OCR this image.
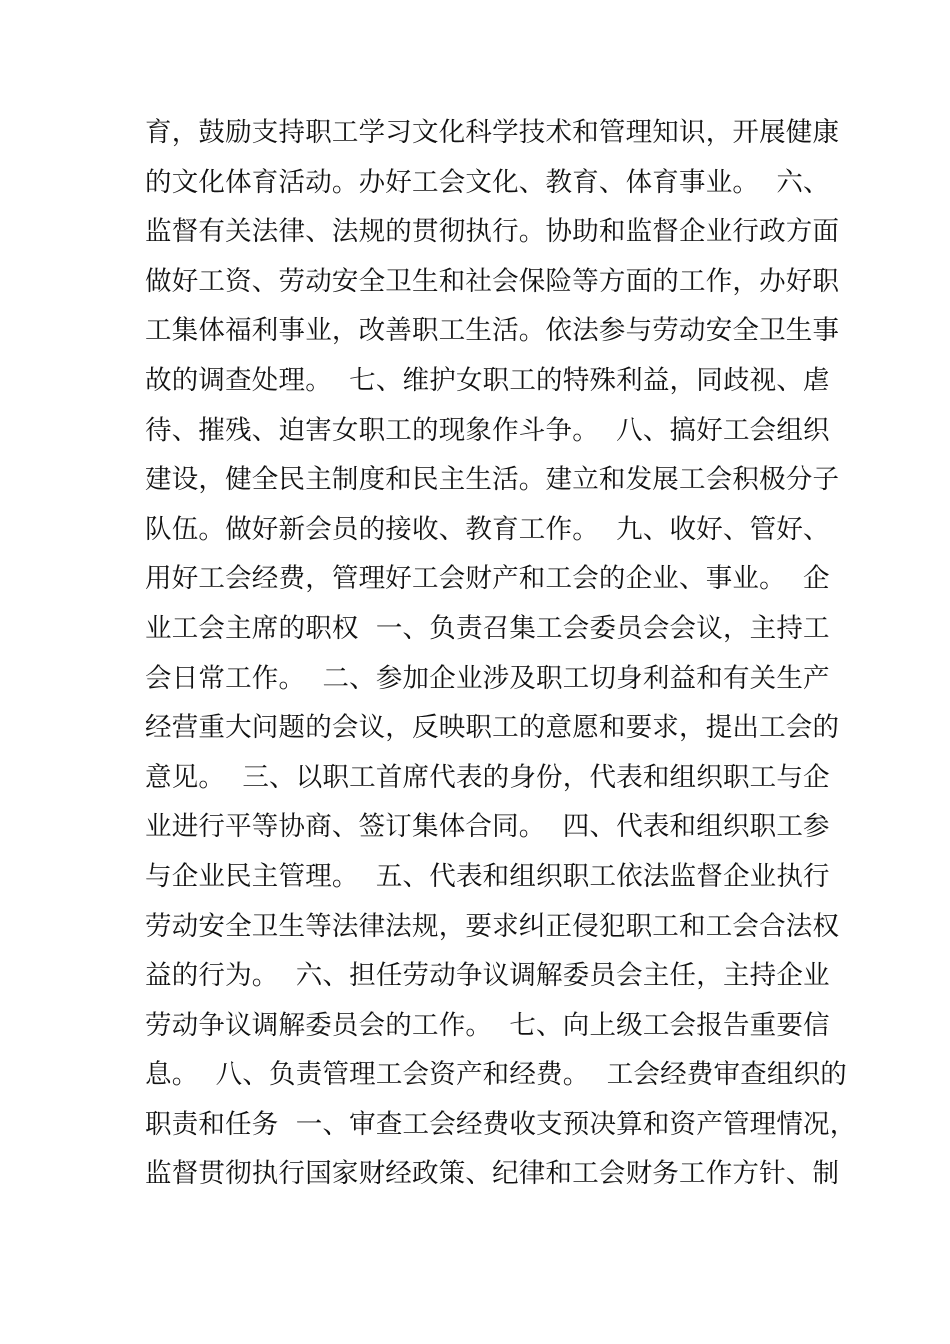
育，鼓励支持职工学习文化科学技术和管理知识，开展健康
的文化体育活动。办好工会文化、教育、体育事业。  六、
监督有关法律、法规的贯彻执行。协助和监督企业行政方面
做好工资、劳动安全卫生和社会保险等方面的工作，办好职
工集体福利事业，改善职工生活。依法参与劳动安全卫生事
故的调查处理。  七、维护女职工的特殊利益，同歧视、虐
待、摧残、迫害女职工的现象作斗争。  八、搞好工会组织
建设，健全民主制度和民主生活。建立和发展工会积极分子
队伍。做好新会员的接收、教育工作。  九、收好、管好、
用好工会经费，管理好工会财产和工会的企业、事业。  企
业工会主席的职权  一、负责召集工会委员会会议，主持工
会日常工作。  二、参加企业涉及职工切身利益和有关生产
经营重大问题的会议，反映职工的意愿和要求，提出工会的
意见。  三、以职工首席代表的身份，代表和组织职工与企
业进行平等协商、签订集体合同。  四、代表和组织职工参
与企业民主管理。  五、代表和组织职工依法监督企业执行
劳动安全卫生等法律法规，要求纠正侵犯职工和工会合法权
益的行为。  六、担任劳动争议调解委员会主任，主持企业
劳动争议调解委员会的工作。  七、向上级工会报告重要信
息。  八、负责管理工会资产和经费。  工会经费审查组织的
职责和任务  一、审查工会经费收支预决算和资产管理情况，
监督贯彻执行国家财经政策、纪律和工会财务工作方针、制
